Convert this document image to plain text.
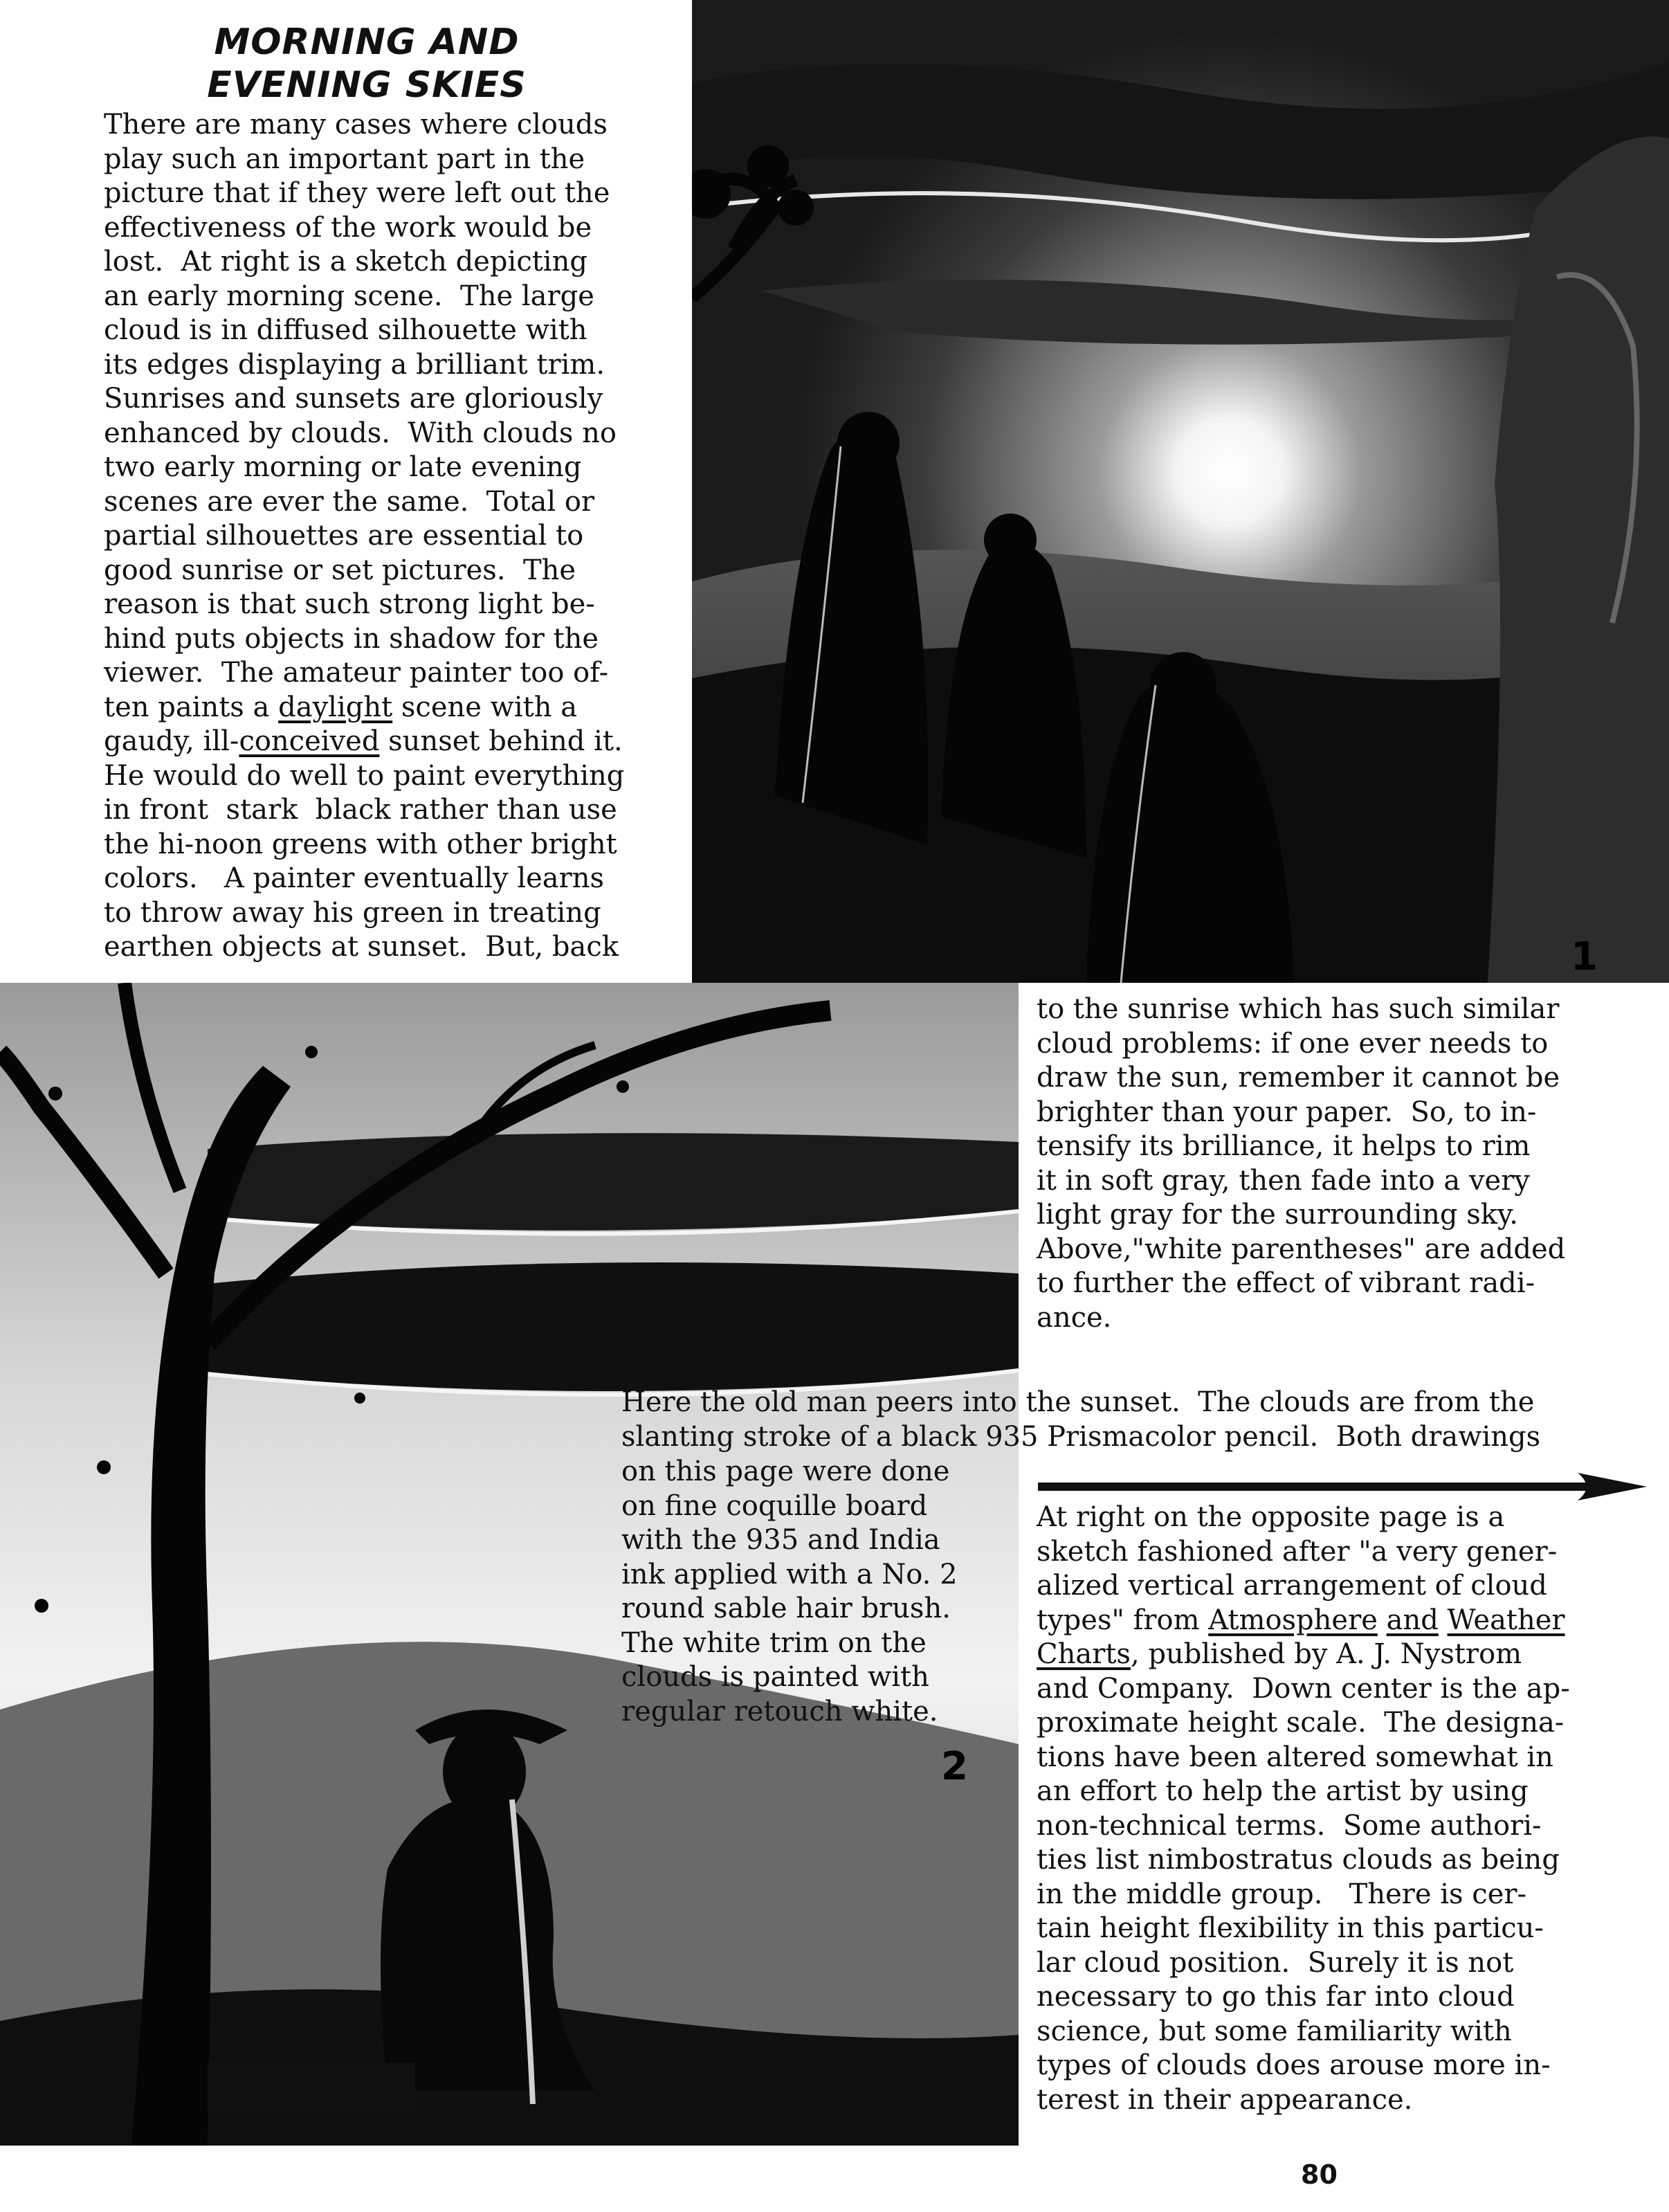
MORNING AND
EVENING SKIES
There are many cases where clouds
play such an important part in the
picture that if they were left out the
effectiveness of the work would be
lost.  At right is a sketch depicting
an early morning scene.  The large
cloud is in diffused silhouette with
its edges displaying a brilliant trim.
Sunrises and sunsets are gloriously
enhanced by clouds.  With clouds no
two early morning or late evening
scenes are ever the same.  Total or
partial silhouettes are essential to
good sunrise or set pictures.  The
reason is that such strong light be-
hind puts objects in shadow for the
viewer.  The amateur painter too of-
ten paints a daylight scene with a
gaudy, ill-conceived sunset behind it.
He would do well to paint everything
in front  stark  black rather than use
the hi-noon greens with other bright
colors.   A painter eventually learns
to throw away his green in treating
earthen objects at sunset.  But, back	1
to the sunrise which has such similar
cloud problems: if one ever needs to
draw the sun, remember it cannot be
brighter than your paper.  So, to in-
tensify its brilliance, it helps to rim
it in soft gray, then fade into a very
light gray for the surrounding sky.
Above,"white parentheses" are added
to further the effect of vibrant radi-
ance.
2
Here the old man peers into the sunset.  The clouds are from the
slanting stroke of a black 935 Prismacolor pencil.  Both drawings
on this page were done
on fine coquille board
with the 935 and India
ink applied with a No. 2
round sable hair brush.
The white trim on the
clouds is painted with
regular retouch white.
At right on the opposite page is a
sketch fashioned after "a very gener-
alized vertical arrangement of cloud
types" from Atmosphere and Weather
Charts, published by A. J. Nystrom
and Company.  Down center is the ap-
proximate height scale.  The designa-
tions have been altered somewhat in
an effort to help the artist by using
non-technical terms.  Some authori-
ties list nimbostratus clouds as being
in the middle group.   There is cer-
tain height flexibility in this particu-
lar cloud position.  Surely it is not
necessary to go this far into cloud
science, but some familiarity with
types of clouds does arouse more in-
terest in their appearance.
80
